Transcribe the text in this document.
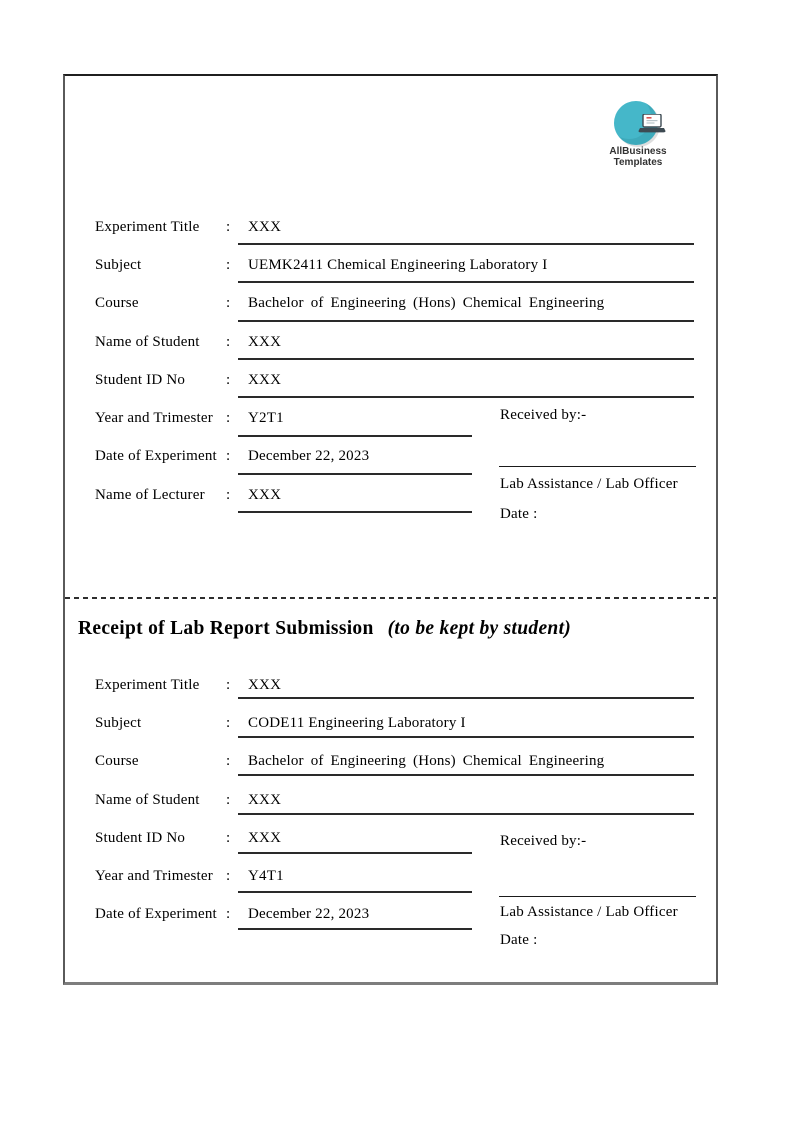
AllBusiness
Templates
Experiment Title : XXX
Subject	: UEMK2411 Chemical Engineering Laboratory I
Course	: Bachelor of Engineering (Hons) Chemical Engineering
Name of Student : XXX
Student ID No	: XXX
Year and Trimester : Y2T1
Date of Experiment : December 22, 2023
Name of Lecturer : XXX
Received by:-
Lab Assistance / Lab Officer
Date :
Receipt of Lab Report Submission (to be kept by student)
Experiment Title : XXX
Subject	: CODE11 Engineering Laboratory I
Course	: Bachelor of Engineering (Hons) Chemical Engineering
Name of Student : XXX
Student ID No	: XXX
Year and Trimester : Y4T1
Date of Experiment : December 22, 2023
Received by:-
Lab Assistance / Lab Officer
Date :
